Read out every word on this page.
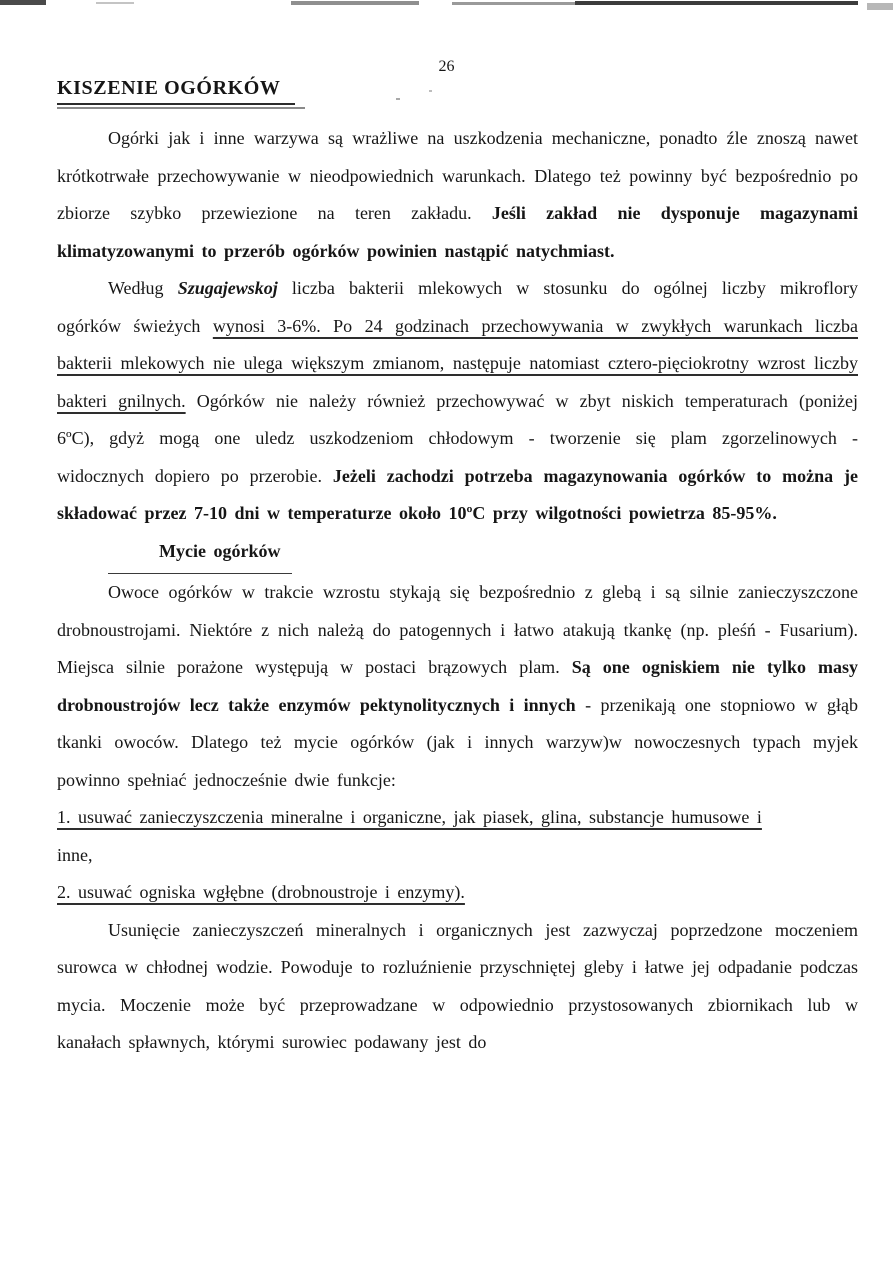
26
KISZENIE OGÓRKÓW

Ogórki jak i inne warzywa są wrażliwe na uszkodzenia mechaniczne, ponadto źle znoszą nawet krótkotrwałe przechowywanie w nieodpowiednich warunkach. Dlatego też powinny być bezpośrednio po zbiorze szybko przewiezione na teren zakładu. Jeśli zakład nie dysponuje magazynami klimatyzowanymi to przerób ogórków powinien nastąpić natychmiast.

Według Szugajewskoj liczba bakterii mlekowych w stosunku do ogólnej liczby mikroflory ogórków świeżych wynosi 3-6%. Po 24 godzinach przechowywania w zwykłych warunkach liczba bakterii mlekowych nie ulega większym zmianom, następuje natomiast cztero-pięciokrotny wzrost liczby bakteri gnilnych. Ogórków nie należy również przechowywać w zbyt niskich temperaturach (poniżej 6ºC), gdyż mogą one uledz uszkodzeniom chłodowym - tworzenie się plam zgorzelinowych - widocznych dopiero po przerobie. Jeżeli zachodzi potrzeba magazynowania ogórków to można je składować przez 7-10 dni w temperaturze około 10ºC przy wilgotności powietrza 85-95%.

Mycie ogórków

Owoce ogórków w trakcie wzrostu stykają się bezpośrednio z glebą i są silnie zanieczyszczone drobnoustrojami. Niektóre z nich należą do patogennych i łatwo atakują tkankę (np. pleśń - Fusarium). Miejsca silnie porażone występują w postaci brązowych plam. Są one ogniskiem nie tylko masy drobnoustrojów lecz także enzymów pektynolitycznych i innych - przenikają one stopniowo w głąb tkanki owoców. Dlatego też mycie ogórków (jak i innych warzyw)w nowoczesnych typach myjek powinno spełniać jednocześnie dwie funkcje:

1. usuwać zanieczyszczenia mineralne i organiczne, jak piasek, glina, substancje humusowe i
inne,

2. usuwać ogniska wgłębne (drobnoustroje i enzymy).

Usunięcie zanieczyszczeń mineralnych i organicznych jest zazwyczaj poprzedzone moczeniem surowca w chłodnej wodzie. Powoduje to rozluźnienie przyschniętej gleby i łatwe jej odpadanie podczas mycia. Moczenie może być przeprowadzane w odpowiednio przystosowanych zbiornikach lub w kanałach spławnych, którymi surowiec podawany jest do
